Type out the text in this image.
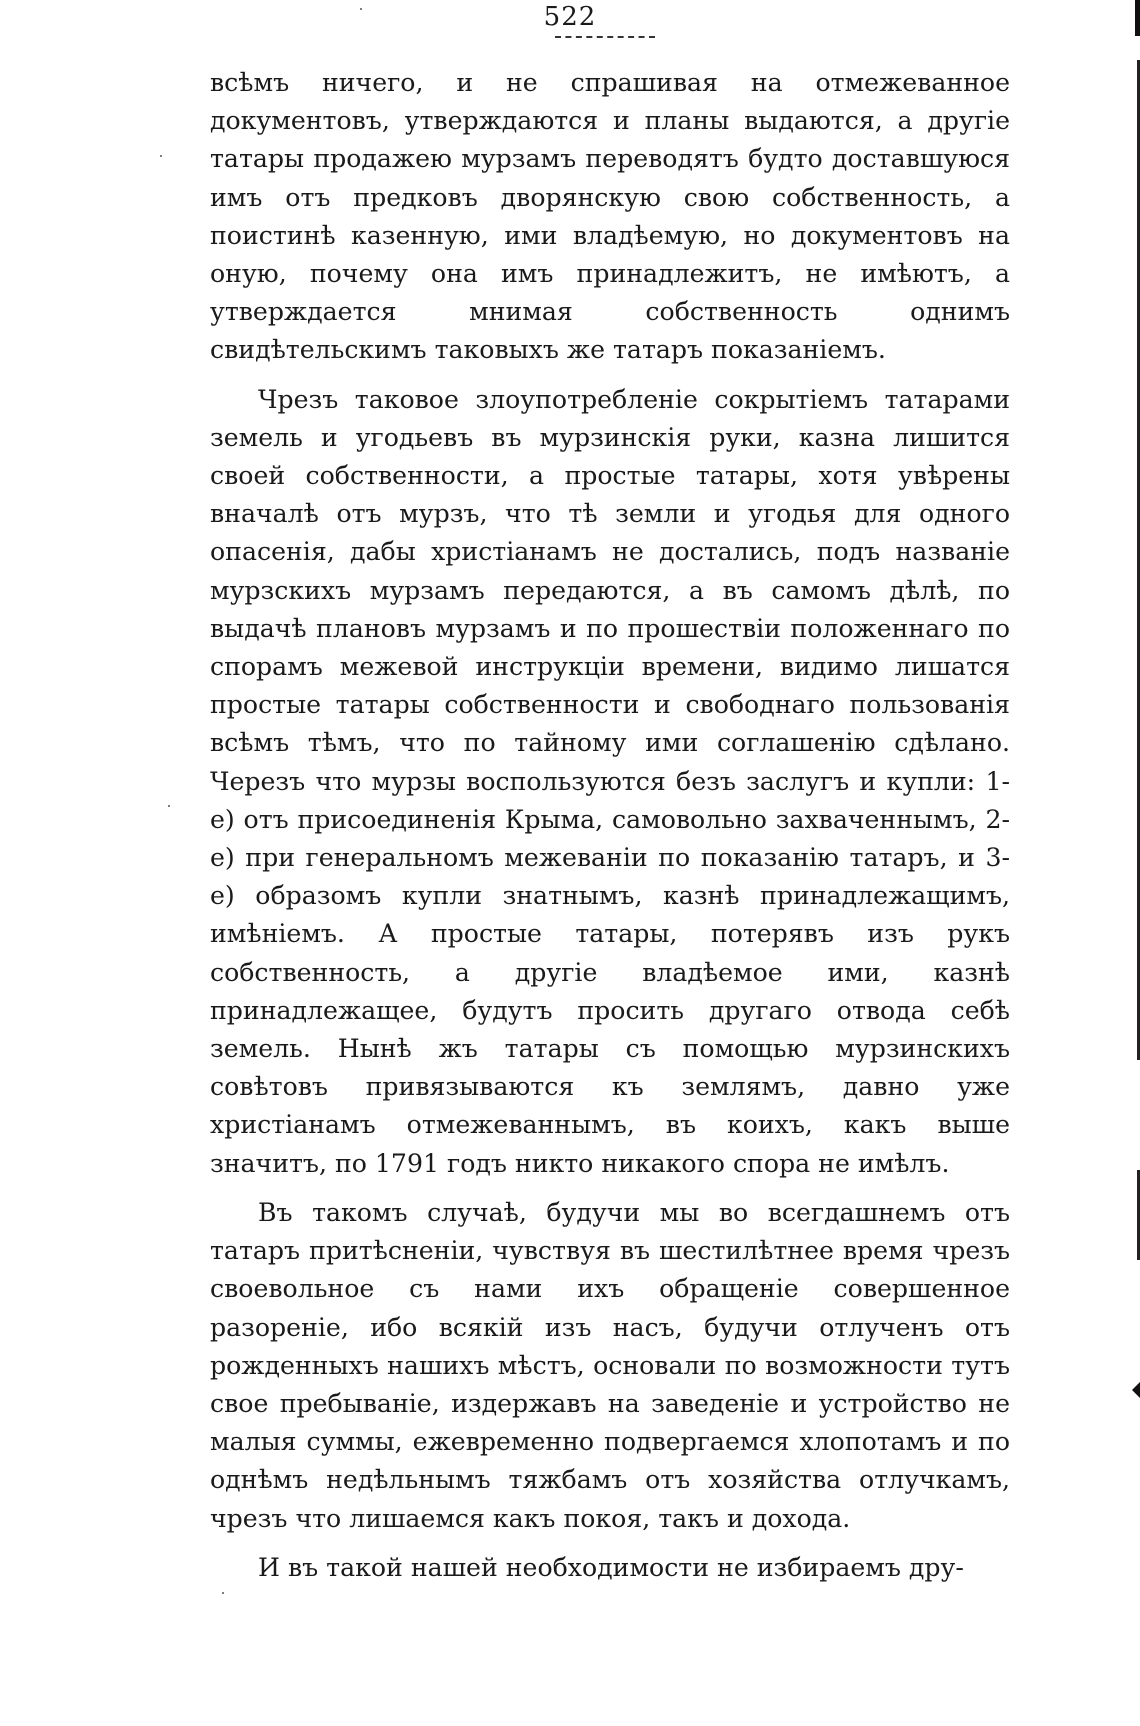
522

всѣмъ ничего, и не спрашивая на отмежеванное документовъ, утверждаются и планы выдаются, а другіе татары продажею мурзамъ переводятъ будто доставшуюся имъ отъ предковъ дворянскую свою собственность, а поистинѣ казенную, ими владѣемую, но документовъ на оную, почему она имъ принадлежитъ, не имѣютъ, а утверждается мнимая собственность однимъ свидѣтельскимъ таковыхъ же татаръ показаніемъ.

Чрезъ таковое злоупотребленіе сокрытіемъ татарами земель и угодьевъ въ мурзинскія руки, казна лишится своей собственности, а простые татары, хотя увѣрены вначалѣ отъ мурзъ, что тѣ земли и угодья для одного опасенія, дабы христіанамъ не достались, подъ названіе мурзскихъ мурзамъ передаются, а въ самомъ дѣлѣ, по выдачѣ плановъ мурзамъ и по прошествіи положеннаго по спорамъ межевой инструкціи времени, видимо лишатся простые татары собственности и свободнаго пользованія всѣмъ тѣмъ, что по тайному ими соглашенію сдѣлано. Черезъ что мурзы воспользуются безъ заслугъ и купли: 1-е) отъ присоединенія Крыма, самовольно захваченнымъ, 2-е) при генеральномъ межеваніи по показанію татаръ, и 3-е) образомъ купли знатнымъ, казнѣ принадлежащимъ, имѣніемъ. А простые татары, потерявъ изъ рукъ собственность, а другіе владѣемое ими, казнѣ принадлежащее, будутъ просить другаго отвода себѣ земель. Нынѣ жъ татары съ помощью мурзинскихъ совѣтовъ привязываются къ землямъ, давно уже христіанамъ отмежеваннымъ, въ коихъ, какъ выше значитъ, по 1791 годъ никто никакого спора не имѣлъ.

Въ такомъ случаѣ, будучи мы во всегдашнемъ отъ татаръ притѣсненіи, чувствуя въ шестилѣтнее время чрезъ своевольное съ нами ихъ обращеніе совершенное разореніе, ибо всякій изъ насъ, будучи отлученъ отъ рожденныхъ нашихъ мѣстъ, основали по возможности тутъ свое пребываніе, издержавъ на заведеніе и устройство не малыя суммы, ежевременно подвергаемся хлопотамъ и по однѣмъ недѣльнымъ тяжбамъ отъ хозяйства отлучкамъ, чрезъ что лишаемся какъ покоя, такъ и дохода.

И въ такой нашей необходимости не избираемъ дру-
